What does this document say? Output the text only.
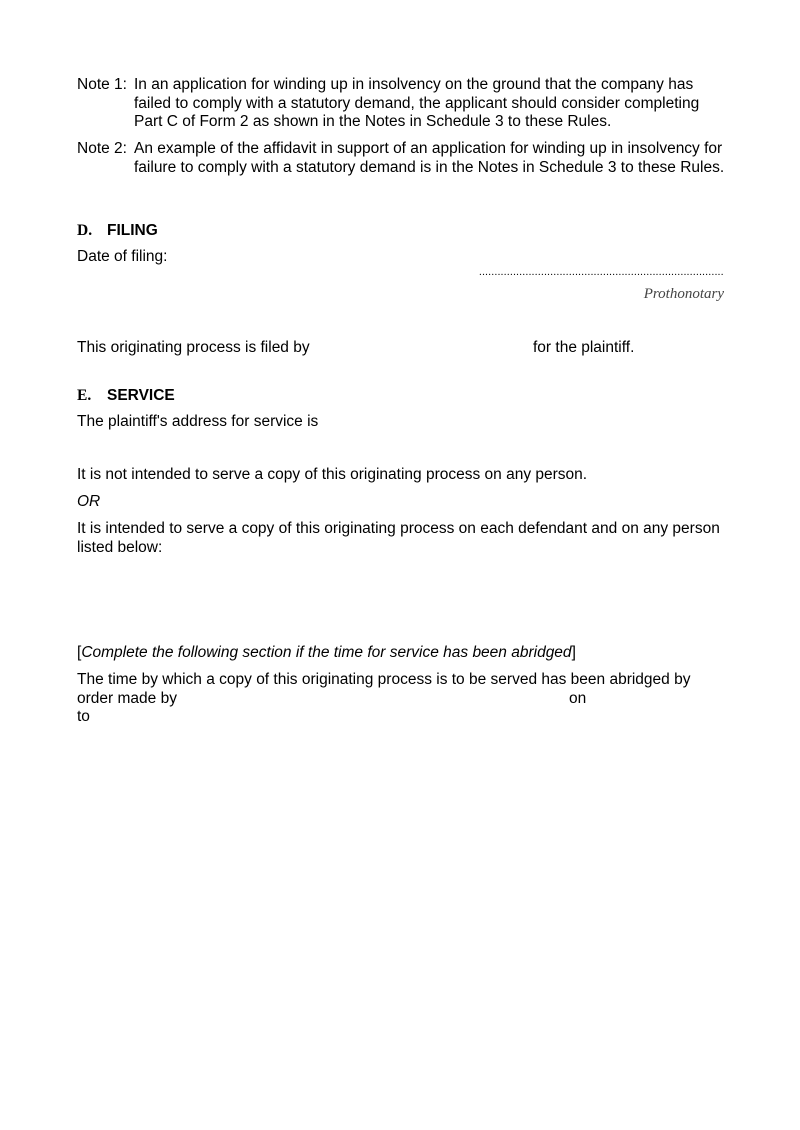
Note 1: In an application for winding up in insolvency on the ground that the company has failed to comply with a statutory demand, the applicant should consider completing Part C of Form 2 as shown in the Notes in Schedule 3 to these Rules.
Note 2: An example of the affidavit in support of an application for winding up in insolvency for failure to comply with a statutory demand is in the Notes in Schedule 3 to these Rules.
D. FILING
Date of filing:
...............................................................................
Prothonotary
This originating process is filed by	for the plaintiff.
E. SERVICE
The plaintiff's address for service is
It is not intended to serve a copy of this originating process on any person.
OR
It is intended to serve a copy of this originating process on each defendant and on any person listed below:
[Complete the following section if the time for service has been abridged]
The time by which a copy of this originating process is to be served has been abridged by
order made by	on
to
